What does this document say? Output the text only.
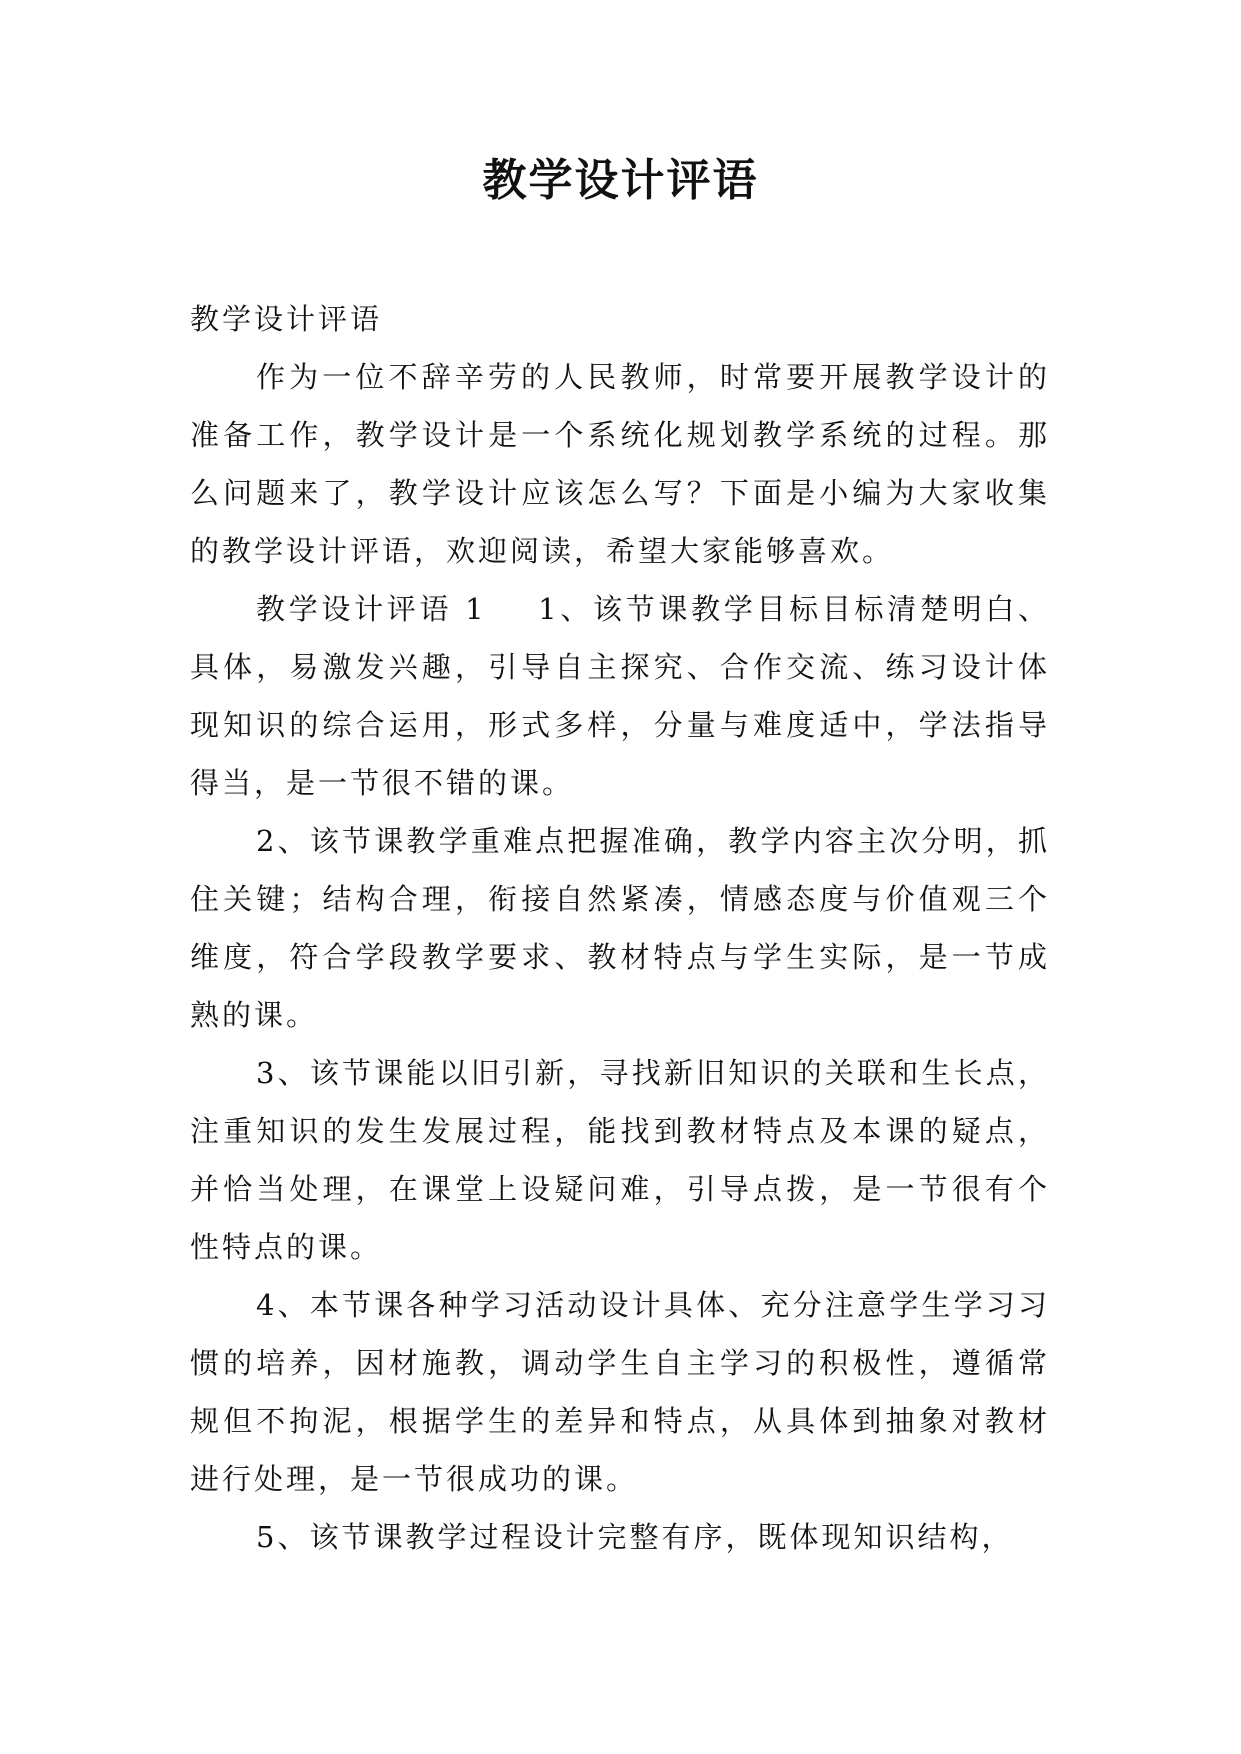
教学设计评语

教学设计评语

作为一位不辞辛劳的人民教师，时常要开展教学设计的准备工作，教学设计是一个系统化规划教学系统的过程。那么问题来了，教学设计应该怎么写？下面是小编为大家收集的教学设计评语，欢迎阅读，希望大家能够喜欢。

教学设计评语 1 1、该节课教学目标目标清楚明白、具体，易激发兴趣，引导自主探究、合作交流、练习设计体现知识的综合运用，形式多样，分量与难度适中，学法指导得当，是一节很不错的课。

2、该节课教学重难点把握准确，教学内容主次分明，抓住关键；结构合理，衔接自然紧凑，情感态度与价值观三个维度，符合学段教学要求、教材特点与学生实际，是一节成熟的课。

3、该节课能以旧引新，寻找新旧知识的关联和生长点，注重知识的发生发展过程，能找到教材特点及本课的疑点，并恰当处理，在课堂上设疑问难，引导点拨，是一节很有个性特点的课。

4、本节课各种学习活动设计具体、充分注意学生学习习惯的培养，因材施教，调动学生自主学习的积极性，遵循常规但不拘泥，根据学生的差异和特点，从具体到抽象对教材进行处理，是一节很成功的课。

5、该节课教学过程设计完整有序，既体现知识结构，
